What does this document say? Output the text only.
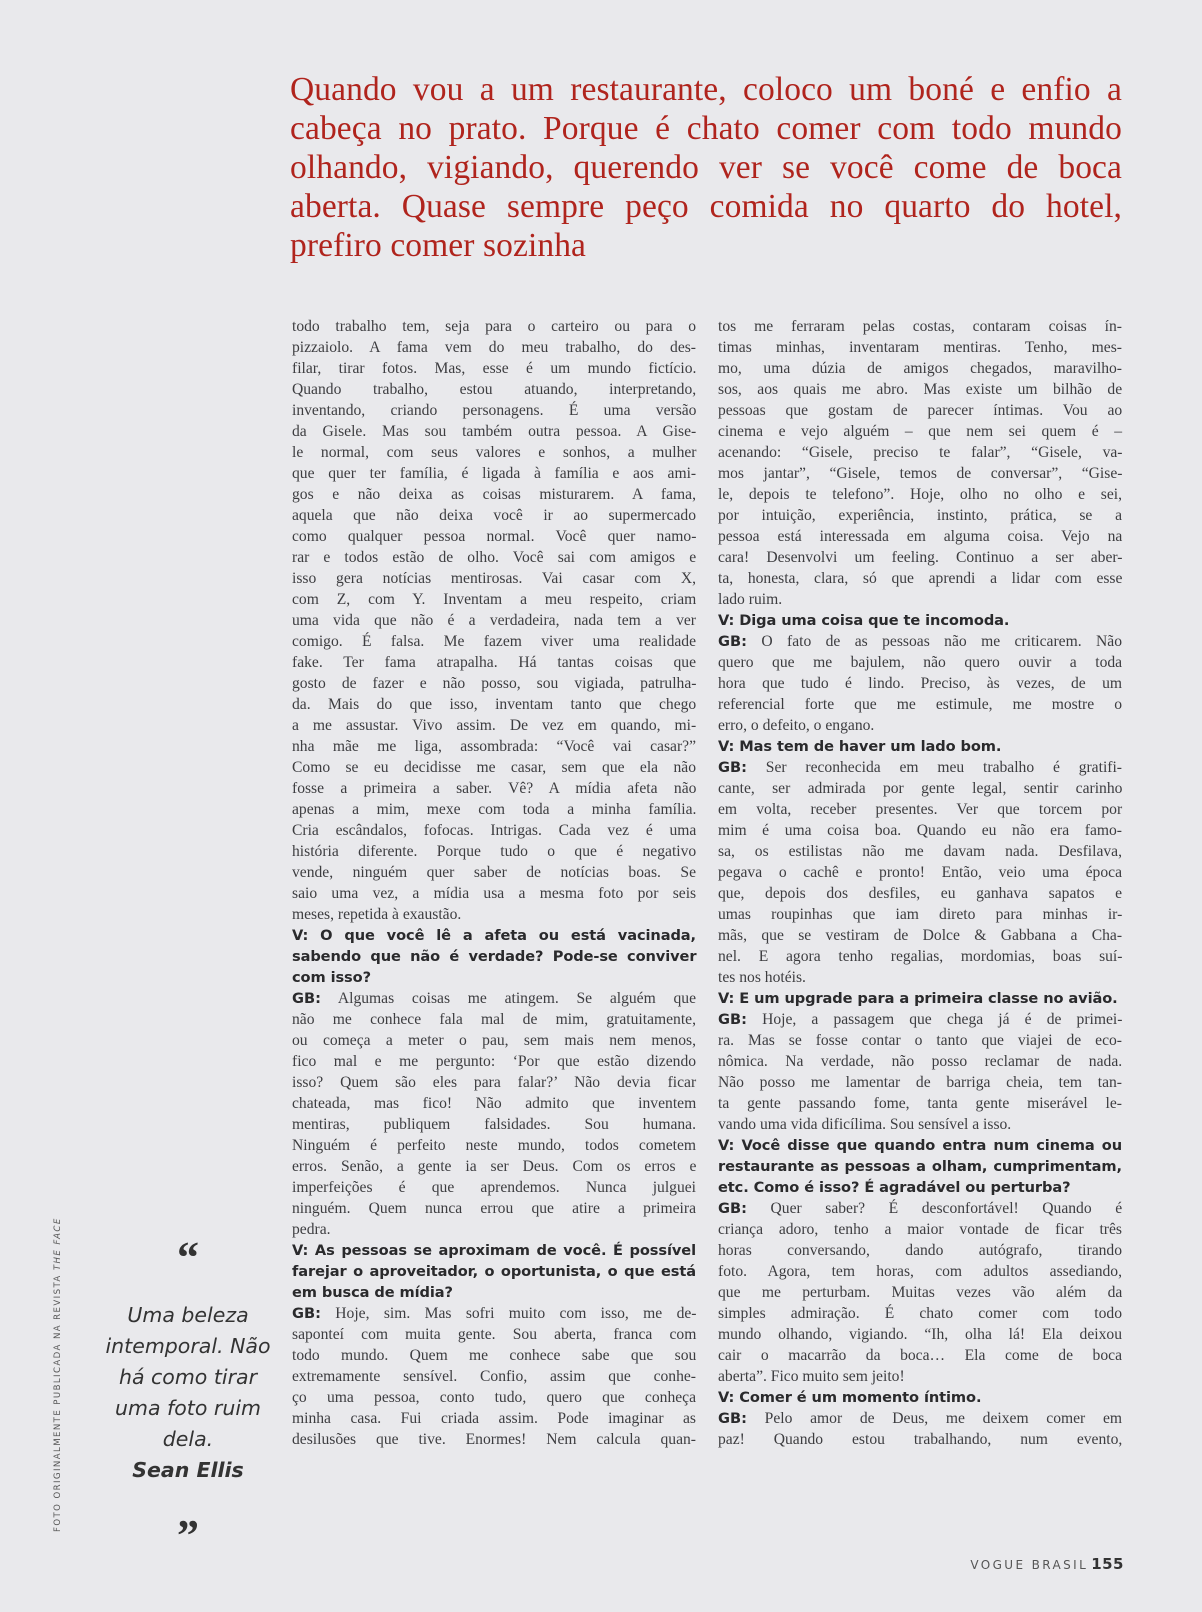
Quando vou a um restaurante, coloco um boné e enfio a cabeça no prato. Porque é chato comer com todo mundo olhando, vigiando, querendo ver se você come de boca aberta. Quase sempre peço comida no quarto do hotel, prefiro comer sozinha

todo trabalho tem, seja para o carteiro ou para o
pizzaiolo. A fama vem do meu trabalho, do des-
filar, tirar fotos. Mas, esse é um mundo fictício.
Quando trabalho, estou atuando, interpretando,
inventando, criando personagens. É uma versão
da Gisele. Mas sou também outra pessoa. A Gise-
le normal, com seus valores e sonhos, a mulher
que quer ter família, é ligada à família e aos ami-
gos e não deixa as coisas misturarem. A fama,
aquela que não deixa você ir ao supermercado
como qualquer pessoa normal. Você quer namo-
rar e todos estão de olho. Você sai com amigos e
isso gera notícias mentirosas. Vai casar com X,
com Z, com Y. Inventam a meu respeito, criam
uma vida que não é a verdadeira, nada tem a ver
comigo. É falsa. Me fazem viver uma realidade
fake. Ter fama atrapalha. Há tantas coisas que
gosto de fazer e não posso, sou vigiada, patrulha-
da. Mais do que isso, inventam tanto que chego
a me assustar. Vivo assim. De vez em quando, mi-
nha mãe me liga, assombrada: “Você vai casar?”
Como se eu decidisse me casar, sem que ela não
fosse a primeira a saber. Vê? A mídia afeta não
apenas a mim, mexe com toda a minha família.
Cria escândalos, fofocas. Intrigas. Cada vez é uma
história diferente. Porque tudo o que é negativo
vende, ninguém quer saber de notícias boas. Se
saio uma vez, a mídia usa a mesma foto por seis
meses, repetida à exaustão.
V: O que você lê a afeta ou está vacinada,
sabendo que não é verdade? Pode-se conviver
com isso?
GB: Algumas coisas me atingem. Se alguém que
não me conhece fala mal de mim, gratuitamente,
ou começa a meter o pau, sem mais nem menos,
fico mal e me pergunto: ‘Por que estão dizendo
isso? Quem são eles para falar?’ Não devia ficar
chateada, mas fico! Não admito que inventem
mentiras, publiquem falsidades. Sou humana.
Ninguém é perfeito neste mundo, todos cometem
erros. Senão, a gente ia ser Deus. Com os erros e
imperfeições é que aprendemos. Nunca julguei
ninguém. Quem nunca errou que atire a primeira
pedra.
V: As pessoas se aproximam de você. É possível
farejar o aproveitador, o oportunista, o que está
em busca de mídia?
GB: Hoje, sim. Mas sofri muito com isso, me de-
saponteí com muita gente. Sou aberta, franca com
todo mundo. Quem me conhece sabe que sou
extremamente sensível. Confio, assim que conhe-
ço uma pessoa, conto tudo, quero que conheça
minha casa. Fui criada assim. Pode imaginar as
desilusões que tive. Enormes! Nem calcula quan-
tos me ferraram pelas costas, contaram coisas ín-
timas minhas, inventaram mentiras. Tenho, mes-
mo, uma dúzia de amigos chegados, maravilho-
sos, aos quais me abro. Mas existe um bilhão de
pessoas que gostam de parecer íntimas. Vou ao
cinema e vejo alguém – que nem sei quem é –
acenando: “Gisele, preciso te falar”, “Gisele, va-
mos jantar”, “Gisele, temos de conversar”, “Gise-
le, depois te telefono”. Hoje, olho no olho e sei,
por intuição, experiência, instinto, prática, se a
pessoa está interessada em alguma coisa. Vejo na
cara! Desenvolvi um feeling. Continuo a ser aber-
ta, honesta, clara, só que aprendi a lidar com esse
lado ruim.
V: Diga uma coisa que te incomoda.
GB: O fato de as pessoas não me criticarem. Não
quero que me bajulem, não quero ouvir a toda
hora que tudo é lindo. Preciso, às vezes, de um
referencial forte que me estimule, me mostre o
erro, o defeito, o engano.
V: Mas tem de haver um lado bom.
GB: Ser reconhecida em meu trabalho é gratifi-
cante, ser admirada por gente legal, sentir carinho
em volta, receber presentes. Ver que torcem por
mim é uma coisa boa. Quando eu não era famo-
sa, os estilistas não me davam nada. Desfilava,
pegava o cachê e pronto! Então, veio uma época
que, depois dos desfiles, eu ganhava sapatos e
umas roupinhas que iam direto para minhas ir-
mãs, que se vestiram de Dolce & Gabbana a Cha-
nel. E agora tenho regalias, mordomias, boas suí-
tes nos hotéis.
V: E um upgrade para a primeira classe no avião.
GB: Hoje, a passagem que chega já é de primei-
ra. Mas se fosse contar o tanto que viajei de eco-
nômica. Na verdade, não posso reclamar de nada.
Não posso me lamentar de barriga cheia, tem tan-
ta gente passando fome, tanta gente miserável le-
vando uma vida dificílima. Sou sensível a isso.
V: Você disse que quando entra num cinema ou
restaurante as pessoas a olham, cumprimentam,
etc. Como é isso? É agradável ou perturba?
GB: Quer saber? É desconfortável! Quando é
criança adoro, tenho a maior vontade de ficar três
horas conversando, dando autógrafo, tirando
foto. Agora, tem horas, com adultos assediando,
que me perturbam. Muitas vezes vão além da
simples admiração. É chato comer com todo
mundo olhando, vigiando. “Ih, olha lá! Ela deixou
cair o macarrão da boca… Ela come de boca
aberta”. Fico muito sem jeito!
V: Comer é um momento íntimo.
GB: Pelo amor de Deus, me deixem comer em
paz! Quando estou trabalhando, num evento,
“
Uma beleza intemporal. Não há como tirar uma foto ruim dela.
Sean Ellis
”
FOTO ORIGINALMENTE PUBLICADA NA REVISTA THE FACE
VOGUE BRASIL 155
